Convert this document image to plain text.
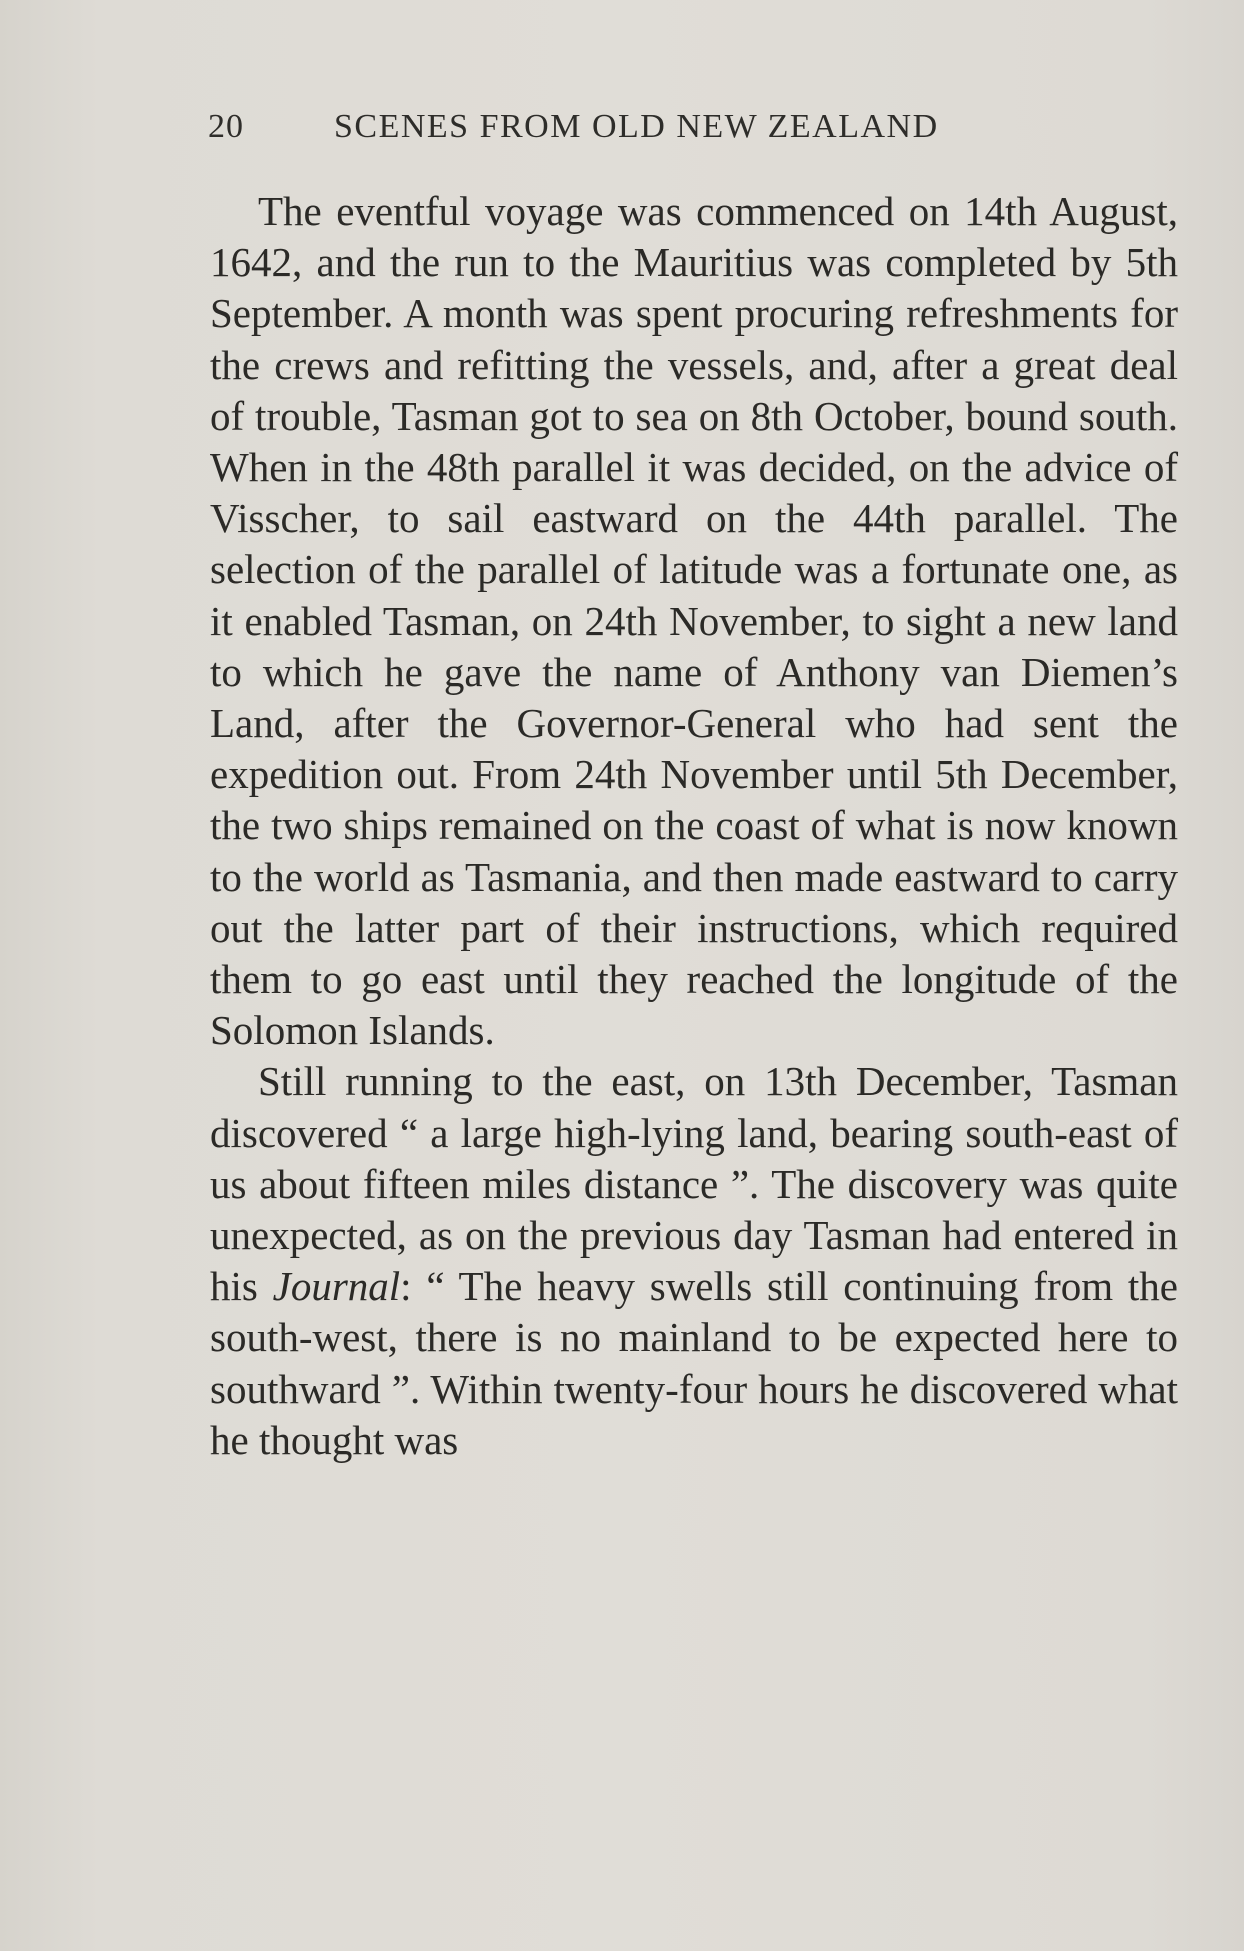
20	SCENES FROM OLD NEW ZEALAND

The eventful voyage was commenced on 14th August, 1642, and the run to the Mauritius was completed by 5th September. A month was spent procuring refreshments for the crews and refitting the vessels, and, after a great deal of trouble, Tasman got to sea on 8th October, bound south. When in the 48th parallel it was decided, on the advice of Visscher, to sail eastward on the 44th parallel. The selection of the parallel of latitude was a fortunate one, as it enabled Tasman, on 24th November, to sight a new land to which he gave the name of Anthony van Diemen’s Land, after the Governor-General who had sent the expedition out. From 24th November until 5th December, the two ships remained on the coast of what is now known to the world as Tasmania, and then made eastward to carry out the latter part of their instructions, which required them to go east until they reached the longitude of the Solomon Islands.

Still running to the east, on 13th December, Tasman discovered “ a large high-lying land, bearing south-east of us about fifteen miles distance ”. The discovery was quite unexpected, as on the previous day Tasman had entered in his Journal: “ The heavy swells still continuing from the south-west, there is no mainland to be expected here to southward ”. Within twenty-four hours he discovered what he thought was
